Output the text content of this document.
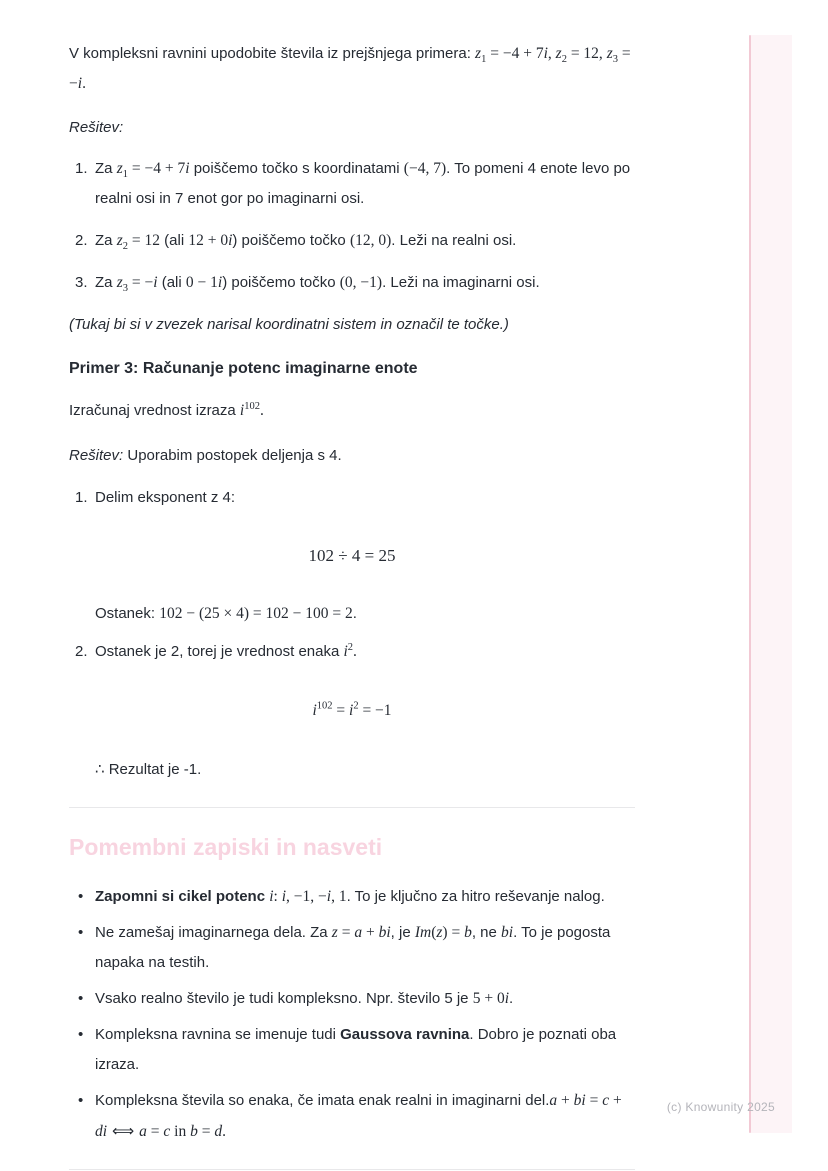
V kompleksni ravnini upodobite števila iz prejšnjega primera: $z_1 = -4 + 7i$, $z_2 = 12$, $z_3 = -i$.

Rešitev:

1. Za $z_1 = -4 + 7i$ poiščemo točko s koordinatami (−4, 7). To pomeni 4 enote levo po realni osi in 7 enot gor po imaginarni osi.
2. Za $z_2 = 12$ (ali 12 + 0i) poiščemo točko (12, 0). Leži na realni osi.
3. Za $z_3 = -i$ (ali 0 − 1i) poiščemo točko (0, −1). Leži na imaginarni osi.

(Tukaj bi si v zvezek narisal koordinatni sistem in označil te točke.)

Primer 3: Računanje potenc imaginarne enote

Izračunaj vrednost izraza $i^{102}$.

Rešitev: Uporabim postopek deljenja s 4.

1. Delim eksponent z 4:
102 ÷ 4 = 25

Ostanek: 102 − (25 × 4) = 102 − 100 = 2.

2. Ostanek je 2, torej je vrednost enaka $i^2$.
$i^{102} = i^2 = -1$

∴ Rezultat je -1.

Pomembni zapiski in nasveti
• Zapomni si cikel potenc i: i, −1, −i, 1. To je ključno za hitro reševanje nalog.
• Ne zamešaj imaginarnega dela. Za z = a + bi, je Im(z) = b, ne bi. To je pogosta napaka na testih.
• Vsako realno število je tudi kompleksno. Npr. število 5 je 5 + 0i.
• Kompleksna ravnina se imenuje tudi Gaussova ravnina. Dobro je poznati oba izraza.
• Kompleksna števila so enaka, če imata enak realni in imaginarni del.a + bi = c + di ⟺ a = c in b = d.
(c) Knowunity 2025
